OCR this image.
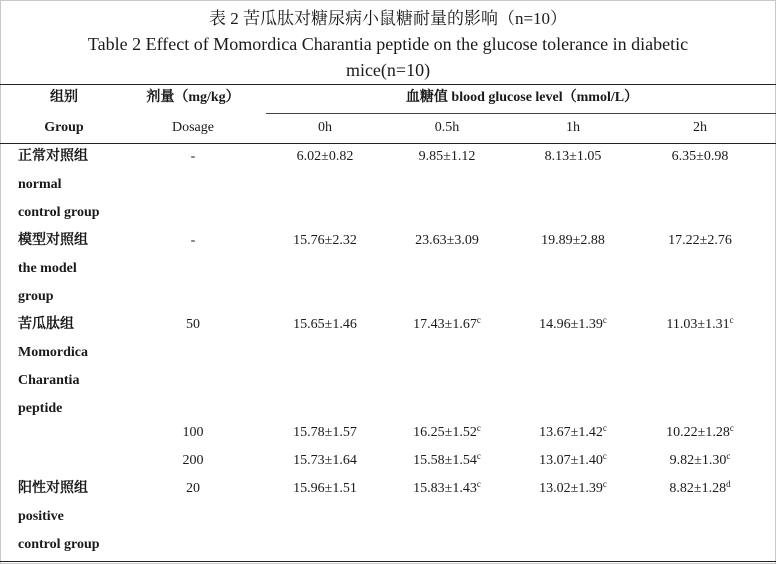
表 2 苦瓜肽对糖尿病小鼠糖耐量的影响（n=10）
Table 2 Effect of Momordica Charantia peptide on the glucose tolerance in diabetic
mice(n=10)
组别	剂量（mg/kg）	血糖值 blood glucose level（mmol/L）
Group	Dosage	0h	0.5h	1h	2h
正常对照组
normal
control group
-	6.02±0.82	9.85±1.12	8.13±1.05	6.35±0.98
模型对照组
the model
group
-	15.76±2.32	23.63±3.09	19.89±2.88	17.22±2.76
苦瓜肽组
Momordica
Charantia
peptide
50	15.65±1.46	17.43±1.67$^c$	14.96±1.39$^c$	11.03±1.31$^c$
100	15.78±1.57	16.25±1.52$^c$	13.67±1.42$^c$	10.22±1.28$^c$
200	15.73±1.64	15.58±1.54$^c$	13.07±1.40$^c$	9.82±1.30$^c$
阳性对照组
positive
control group
20	15.96±1.51	15.83±1.43$^c$	13.02±1.39$^c$	8.82±1.28$^d$
